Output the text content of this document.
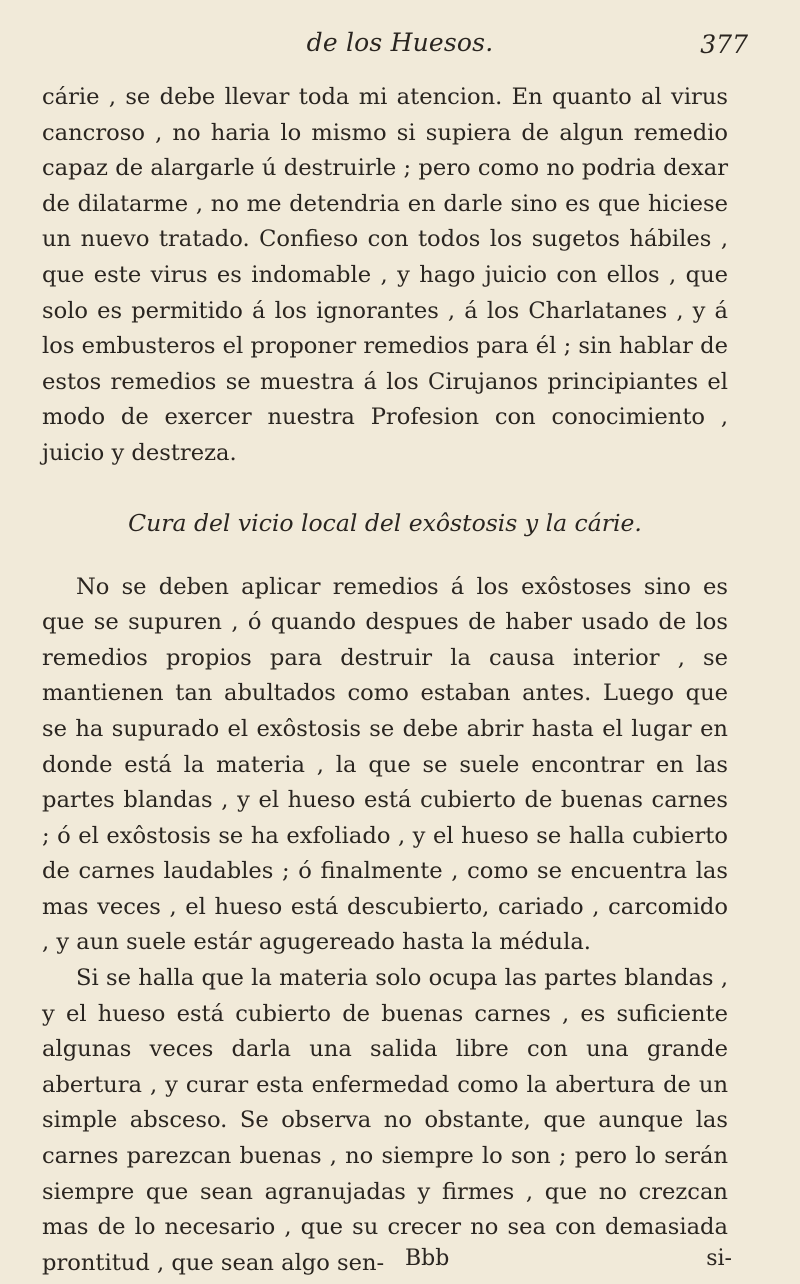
de los Huesos.	377

cárie , se debe llevar toda mi atencion. En quanto al virus cancroso , no haria lo mismo si supiera de algun remedio capaz de alargarle ú destruirle ; pero como no podria dexar de dilatarme , no me detendria en darle sino es que hiciese un nuevo tratado. Confieso con todos los sugetos hábiles , que este virus es indomable , y hago juicio con ellos , que solo es permitido á los ignorantes , á los Charlatanes , y á los embusteros el proponer remedios para él ; sin hablar de estos remedios se muestra á los Cirujanos principiantes el modo de exercer nuestra Profesion con conocimiento , juicio y destreza.

Cura del vicio local del exôstosis y la cárie.

No se deben aplicar remedios á los exôstoses sino es que se supuren , ó quando despues de haber usado de los remedios propios para destruir la causa interior , se mantienen tan abultados como estaban antes. Luego que se ha supurado el exôstosis se debe abrir hasta el lugar en donde está la materia , la que se suele encontrar en las partes blandas , y el hueso está cubierto de buenas carnes ; ó el exôstosis se ha exfoliado , y el hueso se halla cubierto de carnes laudables ; ó finalmente , como se encuentra las mas veces , el hueso está descubierto, cariado , carcomido , y aun suele estár agugereado hasta la médula.

Si se halla que la materia solo ocupa las partes blandas , y el hueso está cubierto de buenas carnes , es suficiente algunas veces darla una salida libre con una grande abertura , y curar esta enfermedad como la abertura de un simple absceso. Se observa no obstante, que aunque las carnes parezcan buenas , no siempre lo son ; pero lo serán siempre que sean agranujadas y firmes , que no crezcan mas de lo necesario , que su crecer no sea con demasiada prontitud , que sean algo sen- Bbb	si-
